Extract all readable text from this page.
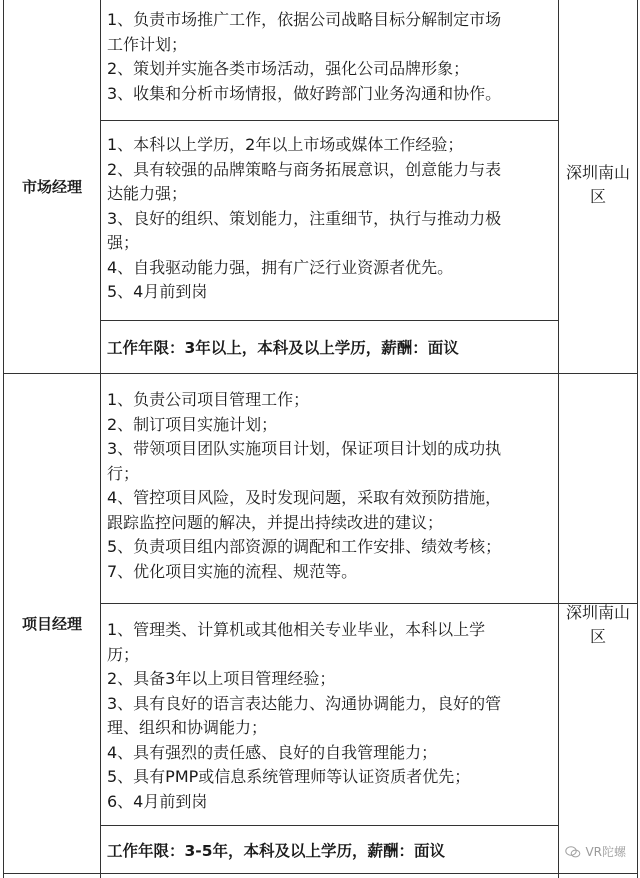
市场经理

1、负责市场推广工作，依据公司战略目标分解制定市场

工作计划；

2、策划并实施各类市场活动，强化公司品牌形象；

3、收集和分析市场情报，做好跨部门业务沟通和协作。

1、本科以上学历，2年以上市场或媒体工作经验；

2、具有较强的品牌策略与商务拓展意识，创意能力与表

达能力强；

3、良好的组织、策划能力，注重细节，执行与推动力极

强；

4、自我驱动能力强，拥有广泛行业资源者优先。

5、4月前到岗

工作年限：3年以上，本科及以上学历，薪酬：面议
深圳南山区
项目经理

1、负责公司项目管理工作；

2、制订项目实施计划；

3、带领项目团队实施项目计划，保证项目计划的成功执

行；

4、管控项目风险，及时发现问题，采取有效预防措施，

跟踪监控问题的解决，并提出持续改进的建议；

5、负责项目组内部资源的调配和工作安排、绩效考核；

7、优化项目实施的流程、规范等。

1、管理类、计算机或其他相关专业毕业，本科以上学

历；

2、具备3年以上项目管理经验；

3、具有良好的语言表达能力、沟通协调能力，良好的管

理、组织和协调能力；

4、具有强烈的责任感、良好的自我管理能力；

5、具有PMP或信息系统管理师等认证资质者优先；

6、4月前到岗

工作年限：3-5年，本科及以上学历，薪酬：面议
深圳南山区
VR陀螺
